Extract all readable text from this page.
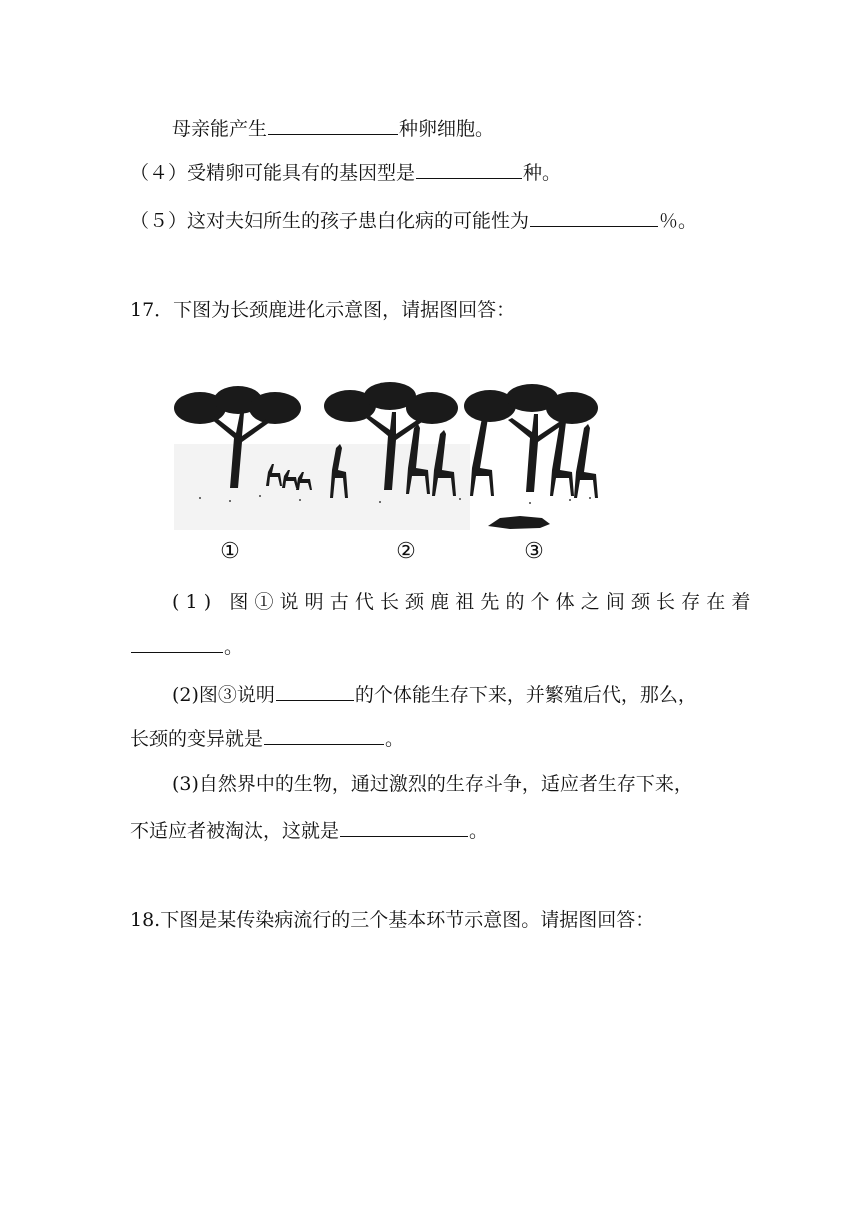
母亲能产生	种卵细胞。
（４）受精卵可能具有的基因型是	种。
（５）这对夫妇所生的孩子患白化病的可能性为	％。
17．下图为长颈鹿进化示意图，请据图回答：
①	②	③
(1) 图①说明古代长颈鹿祖先的个体之间颈长存在着
。
(2)图③说明	的个体能生存下来，并繁殖后代，那么，
长颈的变异就是	。
(3)自然界中的生物，通过激烈的生存斗争，适应者生存下来，
不适应者被淘汰，这就是	。
18.下图是某传染病流行的三个基本环节示意图。请据图回答：
